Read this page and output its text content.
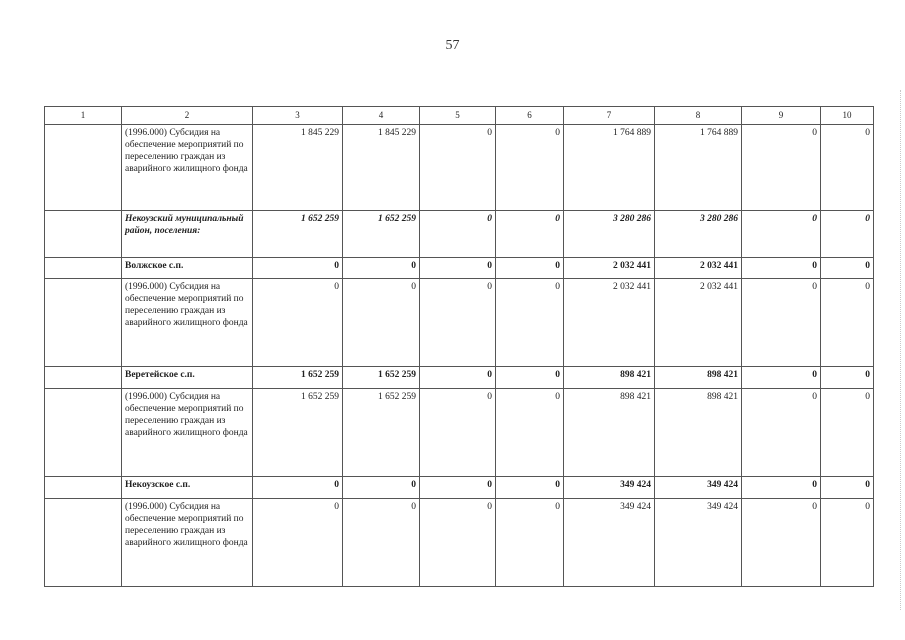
57
1	2	3	4	5	6	7	8	9	10
	(1996.000) Субсидия на обеспечение мероприятий по переселению граждан из аварийного жилищного фонда	1 845 229	1 845 229	0	0	1 764 889	1 764 889	0	0
	Некоузский муниципальный район, поселения:	1 652 259	1 652 259	0	0	3 280 286	3 280 286	0	0
	Волжское с.п.	0	0	0	0	2 032 441	2 032 441	0	0
	(1996.000) Субсидия на обеспечение мероприятий по переселению граждан из аварийного жилищного фонда	0	0	0	0	2 032 441	2 032 441	0	0
	Веретейское с.п.	1 652 259	1 652 259	0	0	898 421	898 421	0	0
	(1996.000) Субсидия на обеспечение мероприятий по переселению граждан из аварийного жилищного фонда	1 652 259	1 652 259	0	0	898 421	898 421	0	0
	Некоузское с.п.	0	0	0	0	349 424	349 424	0	0
	(1996.000) Субсидия на обеспечение мероприятий по переселению граждан из аварийного жилищного фонда	0	0	0	0	349 424	349 424	0	0
